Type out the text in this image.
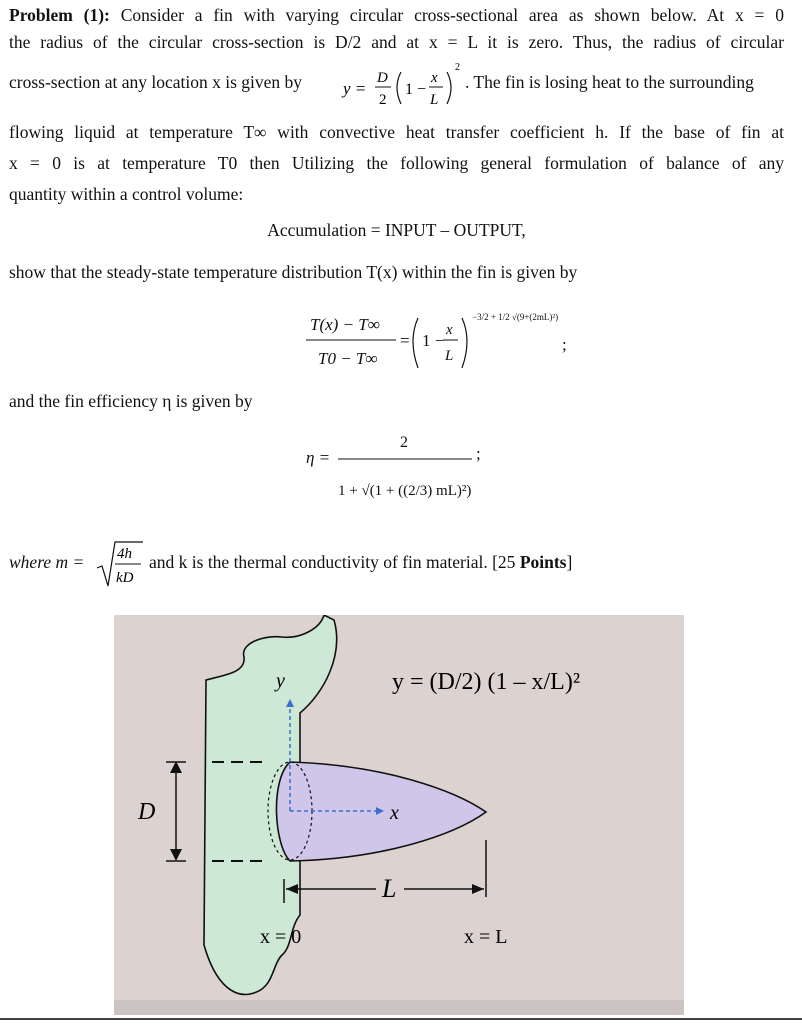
Problem (1): Consider a fin with varying circular cross-sectional area as shown below. At x = 0
the radius of the circular cross-section is D/2 and at x = L it is zero. Thus, the radius of circular
cross-section at any location x is given by y =
D
2
1 −
x
L
2
. The fin is losing heat to the surrounding
flowing liquid at temperature T∞ with convective heat transfer coefficient h. If the base of fin at
x = 0 is at temperature T0 then Utilizing the following general formulation of balance of any
quantity within a control volume:
Accumulation = INPUT – OUTPUT,
show that the steady-state temperature distribution T(x) within the fin is given by
T(x) − T∞
T0 − T∞
= 1 −
x
L
−3/2 + 1/2 √(9+(2mL)²)
;
and the fin efficiency η is given by
η =
2
1 + √(1 + ((2/3) mL)²)
;
where m = 4h
kD
and k is the thermal conductivity of fin material. [25 Points]
y
x
D
L
x = 0	x = L
y = (D/2) (1 – x/L)²
